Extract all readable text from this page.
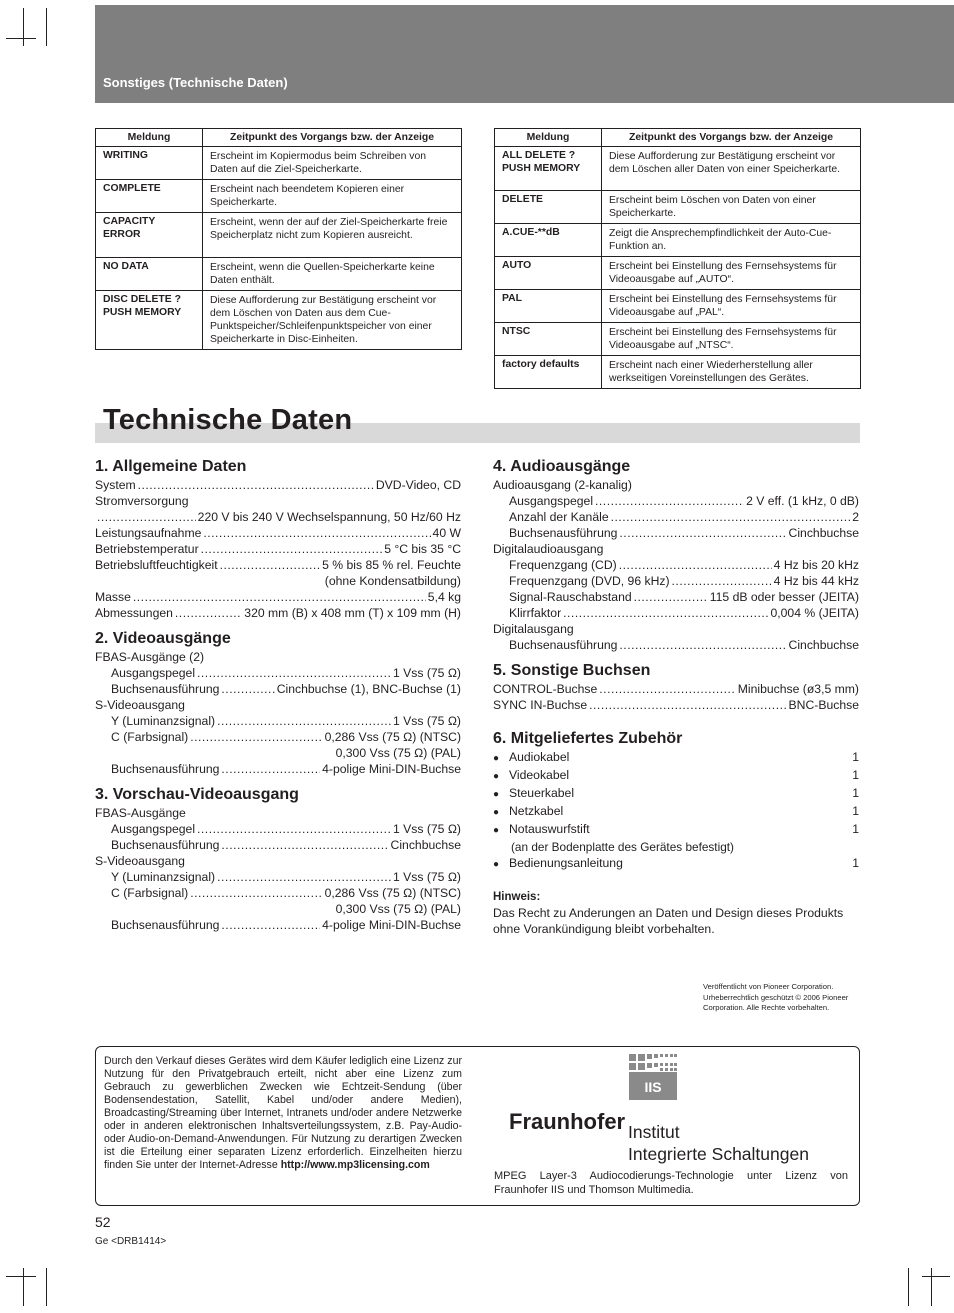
Sonstiges (Technische Daten)
Meldung	Zeitpunkt des Vorgangs bzw. der Anzeige
WRITING	Erscheint im Kopiermodus beim Schreiben von Daten auf die Ziel-Speicherkarte.
COMPLETE	Erscheint nach beendetem Kopieren einer Speicherkarte.
CAPACITY ERROR	Erscheint, wenn der auf der Ziel-Speicherkarte freie Speicherplatz nicht zum Kopieren ausreicht.
NO DATA	Erscheint, wenn die Quellen-Speicherkarte keine Daten enthält.
DISC DELETE ? PUSH MEMORY	Diese Aufforderung zur Bestätigung erscheint vor dem Löschen von Daten aus dem Cue-Punktspeicher/Schleifenpunktspeicher von einer Speicherkarte in Disc-Einheiten.
Meldung	Zeitpunkt des Vorgangs bzw. der Anzeige
ALL DELETE ? PUSH MEMORY	Diese Aufforderung zur Bestätigung erscheint vor dem Löschen aller Daten von einer Speicherkarte.
DELETE	Erscheint beim Löschen von Daten von einer Speicherkarte.
A.CUE-**dB	Zeigt die Ansprechempfindlichkeit der Auto-Cue-Funktion an.
AUTO	Erscheint bei Einstellung des Fernsehsystems für Videoausgabe auf „AUTO“.
PAL	Erscheint bei Einstellung des Fernsehsystems für Videoausgabe auf „PAL“.
NTSC	Erscheint bei Einstellung des Fernsehsystems für Videoausgabe auf „NTSC“.
factory defaults	Erscheint nach einer Wiederherstellung aller werkseitigen Voreinstellungen des Gerätes.
Technische Daten
1. Allgemeine Daten
System .....	DVD-Video, CD
Stromversorgung
.....
220 V bis 240 V Wechselspannung, 50 Hz/60 Hz
Leistungsaufnahme .....	40 W
Betriebstemperatur .....	5 °C bis 35 °C
Betriebsluftfeuchtigkeit .....	5 % bis 85 % rel. Feuchte
(ohne Kondensatbildung)
Masse .....	5,4 kg
Abmessungen .....	320 mm (B) x 408 mm (T) x 109 mm (H)
2. Videoausgänge
FBAS-Ausgänge (2)
Ausgangspegel .....	1 Vss (75 Ω)
Buchsenausführung .....	Cinchbuchse (1), BNC-Buchse (1)
S-Videoausgang
Y (Luminanzsignal) .....	1 Vss (75 Ω)
C (Farbsignal) .....	0,286 Vss (75 Ω) (NTSC)
0,300 Vss (75 Ω) (PAL)
Buchsenausführung .....	4-polige Mini-DIN-Buchse
3. Vorschau-Videoausgang
FBAS-Ausgänge
Ausgangspegel .....	1 Vss (75 Ω)
Buchsenausführung .....	Cinchbuchse
S-Videoausgang
Y (Luminanzsignal) .....	1 Vss (75 Ω)
C (Farbsignal) .....	0,286 Vss (75 Ω) (NTSC)
0,300 Vss (75 Ω) (PAL)
Buchsenausführung .....	4-polige Mini-DIN-Buchse
4. Audioausgänge
Audioausgang (2-kanalig)
Ausgangspegel .....	2 V eff. (1 kHz, 0 dB)
Anzahl der Kanäle .....	2
Buchsenausführung .....	Cinchbuchse
Digitalaudioausgang
Frequenzgang (CD) .....	4 Hz bis 20 kHz
Frequenzgang (DVD, 96 kHz) .....	4 Hz bis 44 kHz
Signal-Rauschabstand .....	115 dB oder besser (JEITA)
Klirrfaktor .....	0,004 % (JEITA)
Digitalausgang
Buchsenausführung .....	Cinchbuchse
5. Sonstige Buchsen
CONTROL-Buchse .....	Minibuchse (ø3,5 mm)
SYNC IN-Buchse .....	BNC-Buchse
6. Mitgeliefertes Zubehör
● Audiokabel	1
● Videokabel	1
● Steuerkabel	1
● Netzkabel	1
● Notauswurfstift	1
(an der Bodenplatte des Gerätes befestigt)
● Bedienungsanleitung	1
Hinweis:
Das Recht zu Anderungen an Daten und Design dieses Produkts ohne Vorankündigung bleibt vorbehalten.
Veröffentlicht von Pioneer Corporation. Urheberrechtlich geschützt © 2006 Pioneer Corporation. Alle Rechte vorbehalten.
Durch den Verkauf dieses Gerätes wird dem Käufer lediglich eine Lizenz zur Nutzung für den Privatgebrauch erteilt, nicht aber eine Lizenz zum Gebrauch zu gewerblichen Zwecken wie Echtzeit-Sendung (über Bodensendestation, Satellit, Kabel und/oder andere Medien), Broadcasting/Streaming über Internet, Intranets und/oder andere Netzwerke oder in anderen elektronischen Inhaltsverteilungssystem, z.B. Pay-Audio- oder Audio-on-Demand-Anwendungen. Für Nutzung zu derartigen Zwecken ist die Erteilung einer separaten Lizenz erforderlich. Einzelheiten hierzu finden Sie unter der Internet-Adresse http://www.mp3licensing.com
IIS
Fraunhofer Institut
Integrierte Schaltungen
MPEG Layer-3 Audiocodierungs-Technologie unter Lizenz von Fraunhofer IIS und Thomson Multimedia.
52
Ge <DRB1414>
